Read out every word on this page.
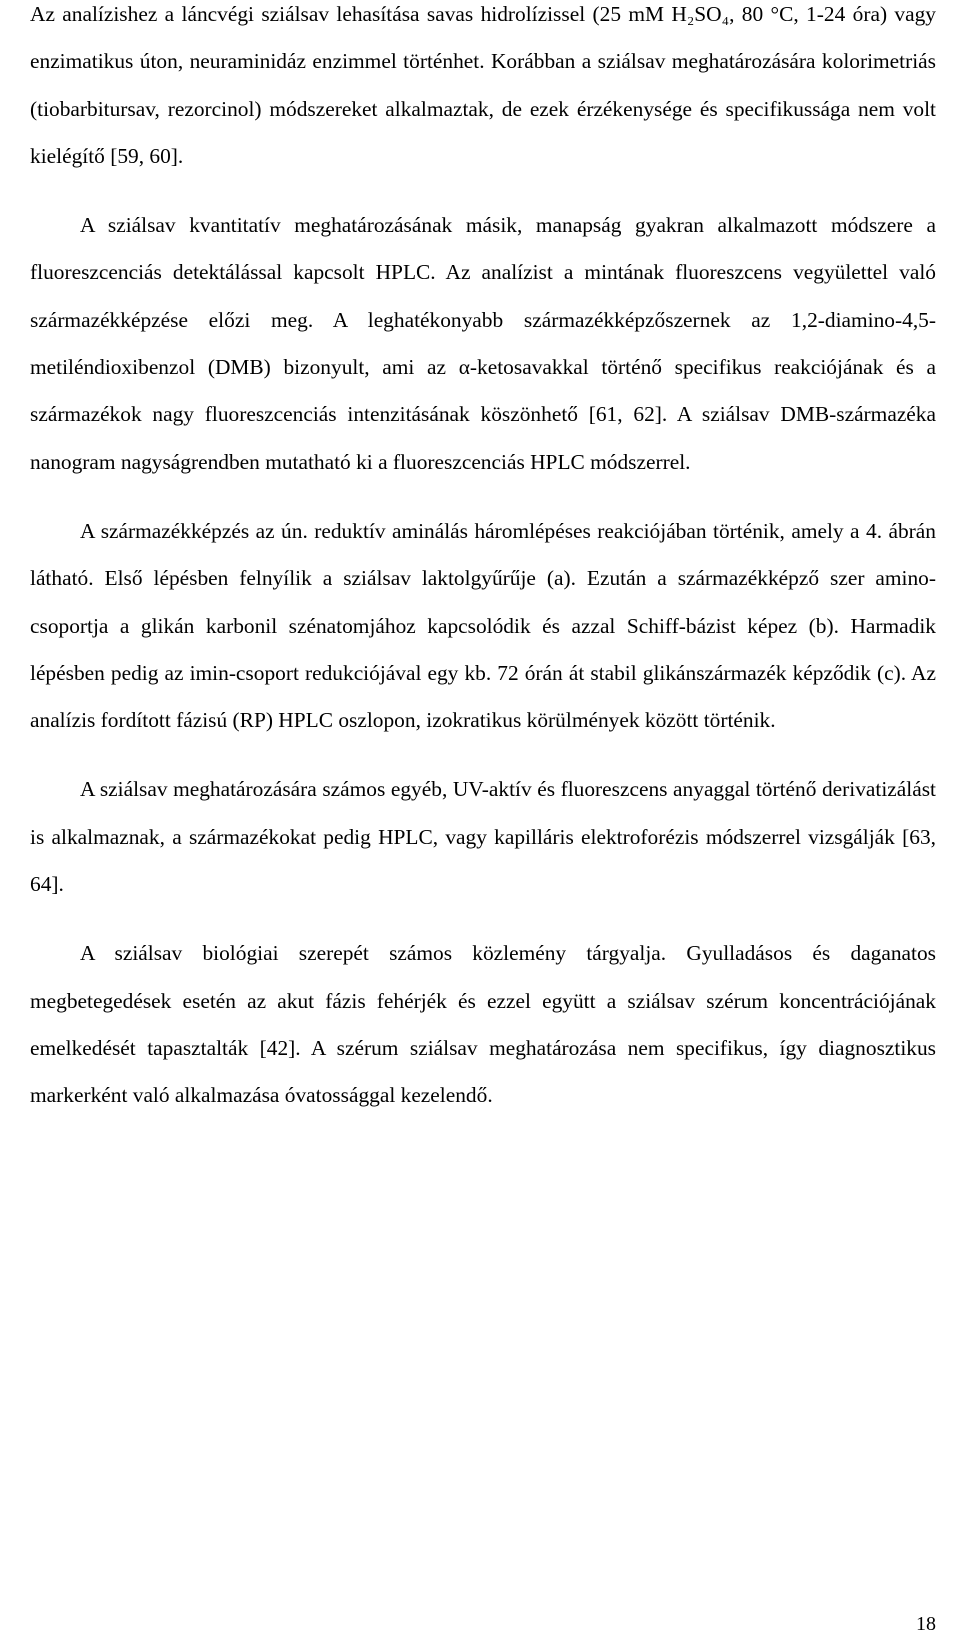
Az analízishez a láncvégi sziálsav lehasítása savas hidrolízissel (25 mM H₂SO₄, 80 °C, 1-24 óra) vagy enzimatikus úton, neuraminidáz enzimmel történhet. Korábban a sziálsav meghatározására kolorimetriás (tiobarbitursav, rezorcinol) módszereket alkalmaztak, de ezek érzékenysége és specifikussága nem volt kielégítő [59, 60].

A sziálsav kvantitatív meghatározásának másik, manapság gyakran alkalmazott módszere a fluoreszcenciás detektálással kapcsolt HPLC. Az analízist a mintának fluoreszcens vegyülettel való származékképzése előzi meg. A leghatékonyabb származékképzőszernek az 1,2-diamino-4,5-metiléndioxibenzol (DMB) bizonyult, ami az α-ketosavakkal történő specifikus reakciójának és a származékok nagy fluoreszcenciás intenzitásának köszönhető [61, 62]. A sziálsav DMB-származéka nanogram nagyságrendben mutatható ki a fluoreszcenciás HPLC módszerrel.

A származékképzés az ún. reduktív aminálás háromlépéses reakciójában történik, amely a 4. ábrán látható. Első lépésben felnyílik a sziálsav laktolgyűrűje (a). Ezután a származékképző szer amino-csoportja a glikán karbonil szénatomjához kapcsolódik és azzal Schiff-bázist képez (b). Harmadik lépésben pedig az imin-csoport redukciójával egy kb. 72 órán át stabil glikánszármazék képződik (c). Az analízis fordított fázisú (RP) HPLC oszlopon, izokratikus körülmények között történik.

A sziálsav meghatározására számos egyéb, UV-aktív és fluoreszcens anyaggal történő derivatizálást is alkalmaznak, a származékokat pedig HPLC, vagy kapilláris elektroforézis módszerrel vizsgálják [63, 64].

A sziálsav biológiai szerepét számos közlemény tárgyalja. Gyulladásos és daganatos megbetegedések esetén az akut fázis fehérjék és ezzel együtt a sziálsav szérum koncentrációjának emelkedését tapasztalták [42]. A szérum sziálsav meghatározása nem specifikus, így diagnosztikus markerként való alkalmazása óvatossággal kezelendő.

18
